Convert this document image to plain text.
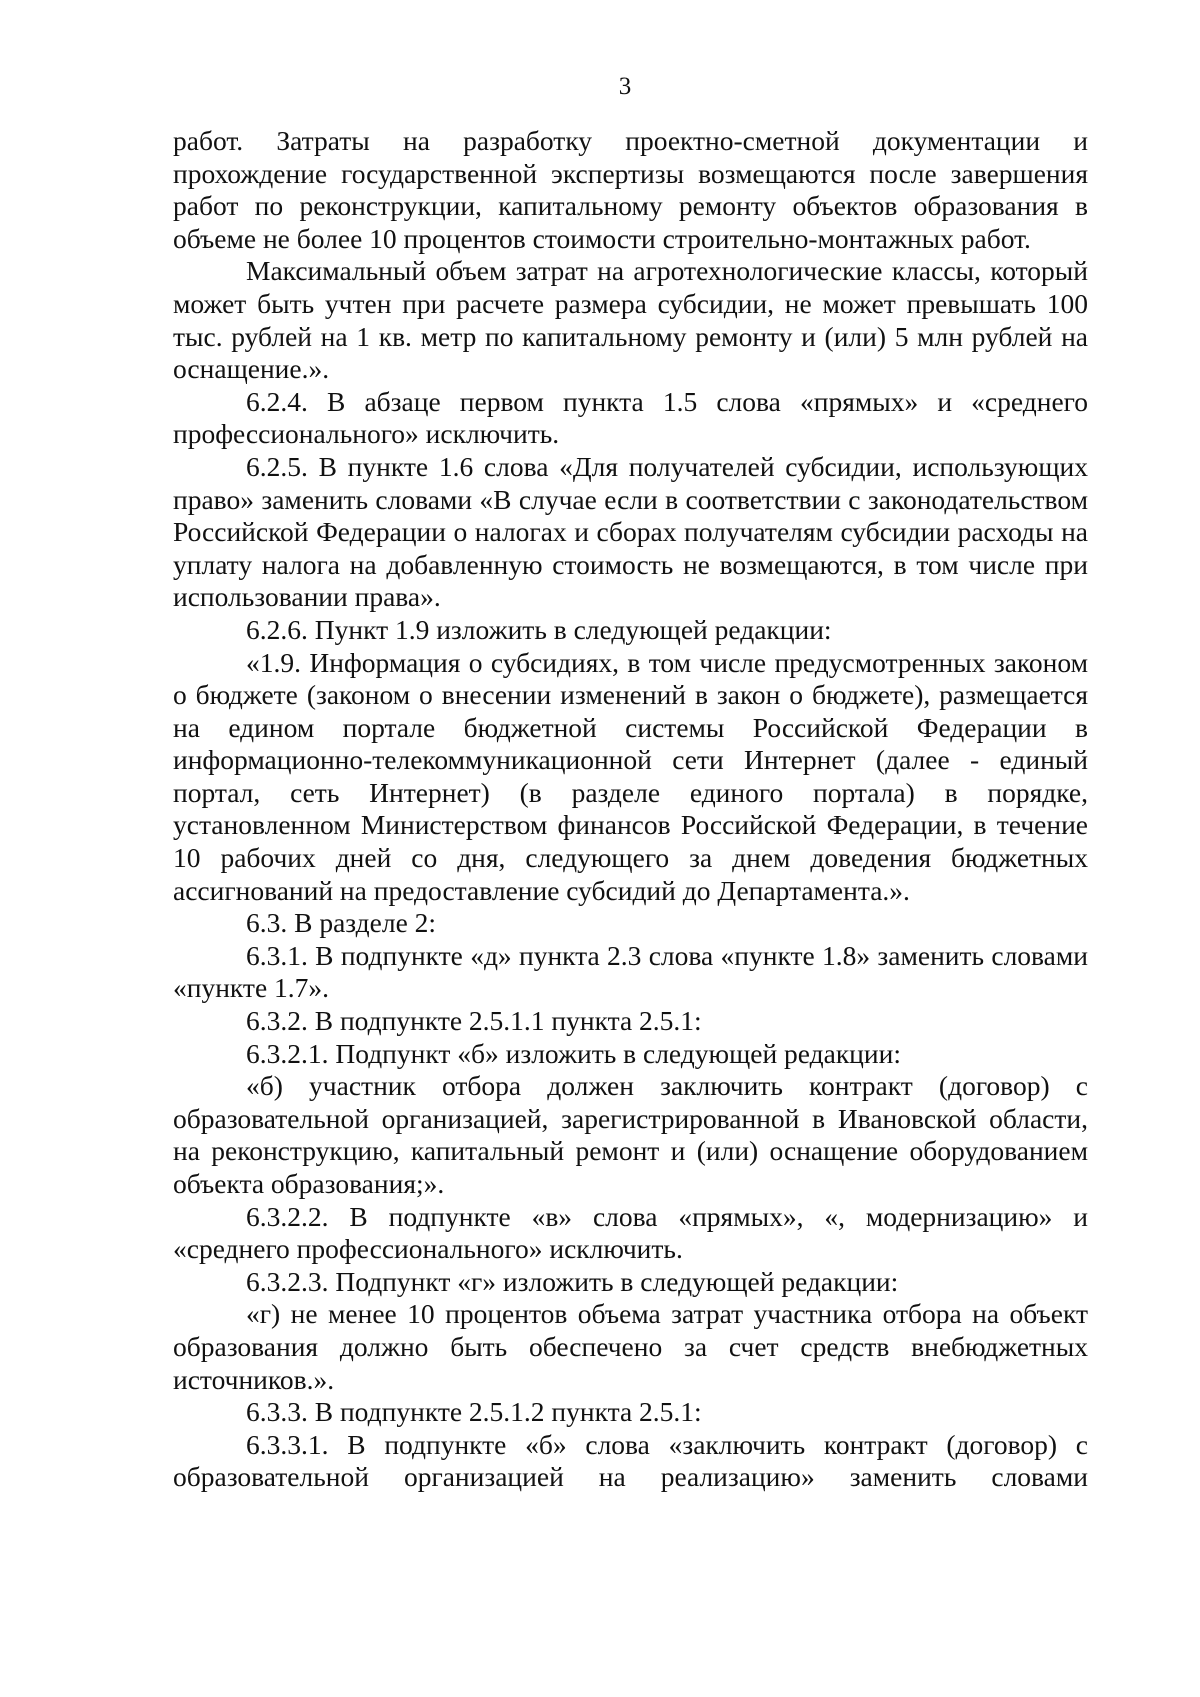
3

работ. Затраты на разработку проектно-сметной документации и прохождение государственной экспертизы возмещаются после завершения работ по реконструкции, капитальному ремонту объектов образования в объеме не более 10 процентов стоимости строительно-монтажных работ.

Максимальный объем затрат на агротехнологические классы, который может быть учтен при расчете размера субсидии, не может превышать 100 тыс. рублей на 1 кв. метр по капитальному ремонту и (или) 5 млн рублей на оснащение.».

6.2.4. В абзаце первом пункта 1.5 слова «прямых» и «среднего профессионального» исключить.

6.2.5. В пункте 1.6 слова «Для получателей субсидии, использующих право» заменить словами «В случае если в соответствии с законодательством Российской Федерации о налогах и сборах получателям субсидии расходы на уплату налога на добавленную стоимость не возмещаются, в том числе при использовании права».

6.2.6. Пункт 1.9 изложить в следующей редакции:

«1.9. Информация о субсидиях, в том числе предусмотренных законом о бюджете (законом о внесении изменений в закон о бюджете), размещается на едином портале бюджетной системы Российской Федерации в информационно-телекоммуникационной сети Интернет (далее - единый портал, сеть Интернет) (в разделе единого портала) в порядке, установленном Министерством финансов Российской Федерации, в течение 10 рабочих дней со дня, следующего за днем доведения бюджетных ассигнований на предоставление субсидий до Департамента.».

6.3. В разделе 2:

6.3.1. В подпункте «д» пункта 2.3 слова «пункте 1.8» заменить словами «пункте 1.7».

6.3.2. В подпункте 2.5.1.1 пункта 2.5.1:

6.3.2.1. Подпункт «б» изложить в следующей редакции:

«б) участник отбора должен заключить контракт (договор) с образовательной организацией, зарегистрированной в Ивановской области, на реконструкцию, капитальный ремонт и (или) оснащение оборудованием объекта образования;».

6.3.2.2. В подпункте «в» слова «прямых», «, модернизацию» и «среднего профессионального» исключить.

6.3.2.3. Подпункт «г» изложить в следующей редакции:

«г) не менее 10 процентов объема затрат участника отбора на объект образования должно быть обеспечено за счет средств внебюджетных источников.».

6.3.3. В подпункте 2.5.1.2 пункта 2.5.1:

6.3.3.1. В подпункте «б» слова «заключить контракт (договор) с образовательной организацией на реализацию» заменить словами
